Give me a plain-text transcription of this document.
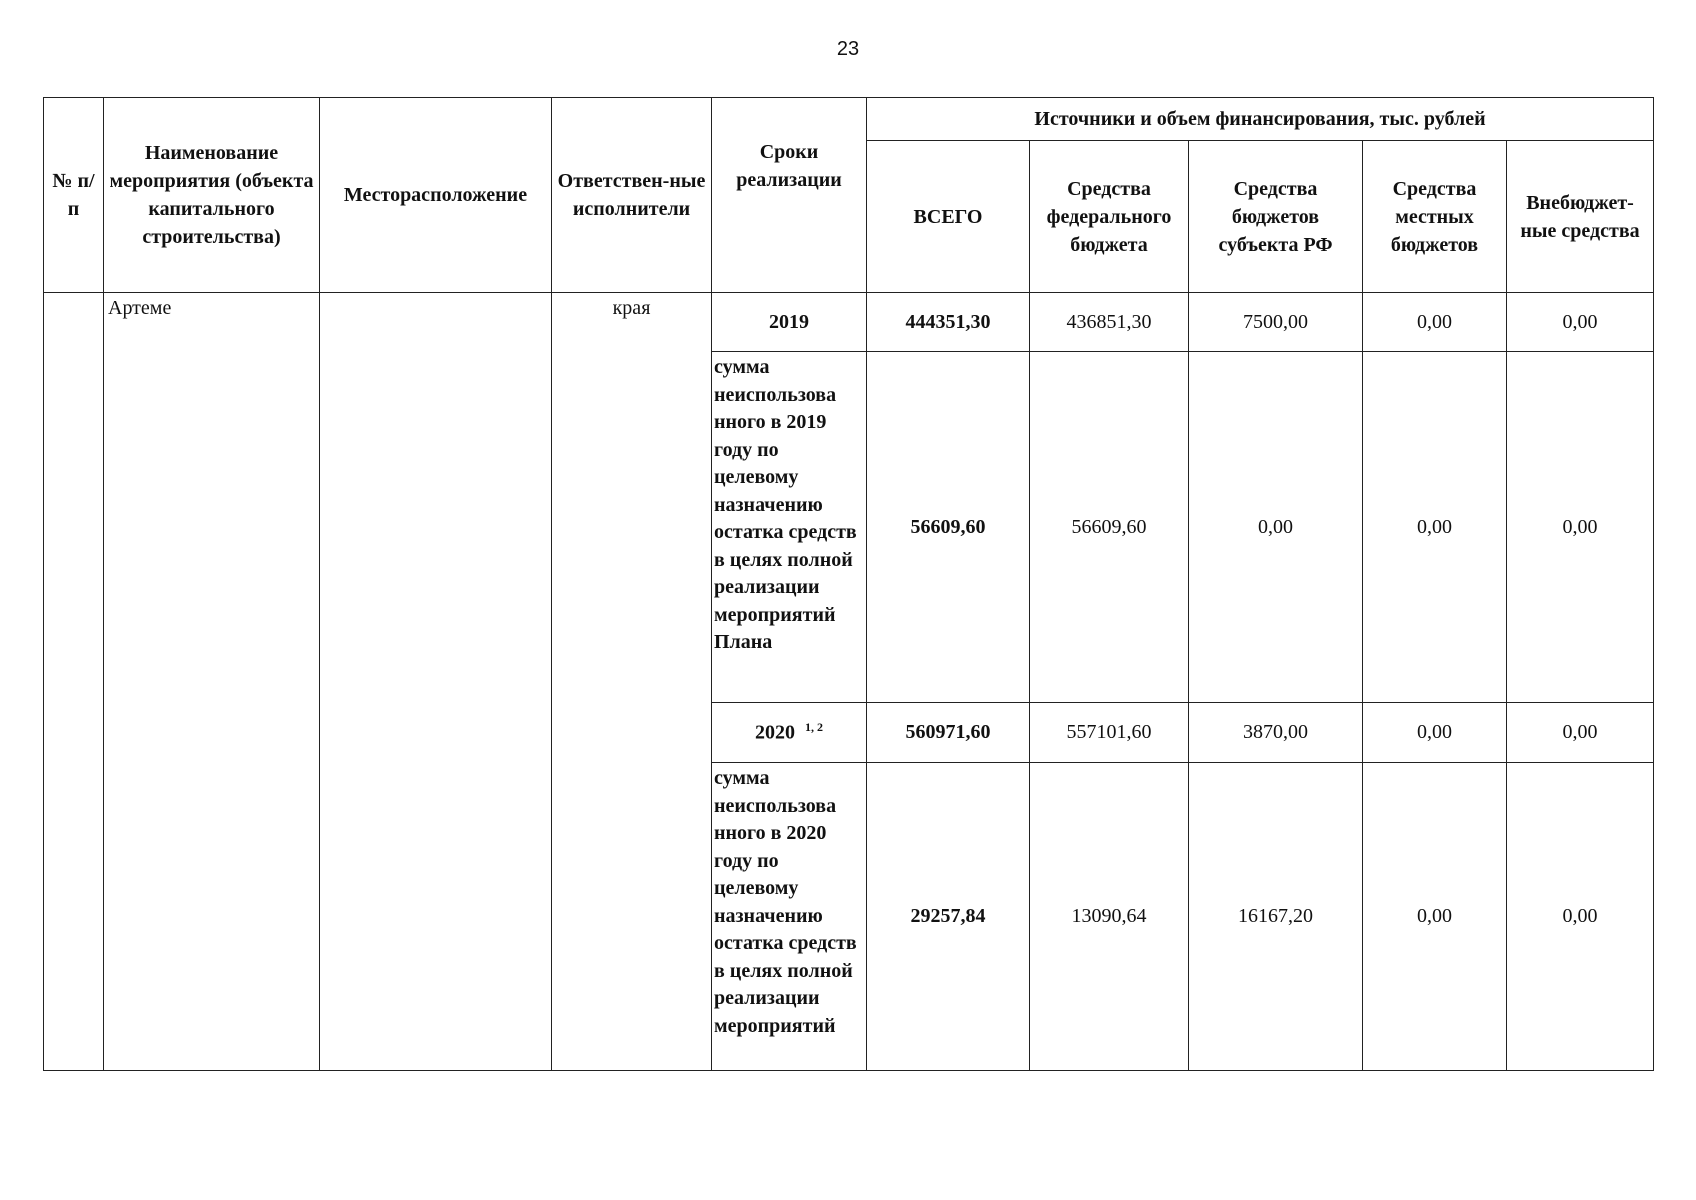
23
№ п/п	Наименование мероприятия (объекта капитального строительства)	Месторасположение	Ответствен-ные исполнители	Сроки реализации	Источники и объем финансирования, тыс. рублей				
					ВСЕГО	Средства федерального бюджета	Средства бюджетов субъекта РФ	Средства местных бюджетов	Внебюджет-ные средства
	Артеме		края	2019	444351,30	436851,30	7500,00	0,00	0,00
				сумма неиспользова нного в 2019 году по целевому назначению остатка средств в целях полной реализации мероприятий Плана	56609,60	56609,60	0,00	0,00	0,00
				2020 $^{1, 2}$	560971,60	557101,60	3870,00	0,00	0,00
				сумма неиспользова нного в 2020 году по целевому назначению остатка средств в целях полной реализации мероприятий	29257,84	13090,64	16167,20	0,00	0,00
